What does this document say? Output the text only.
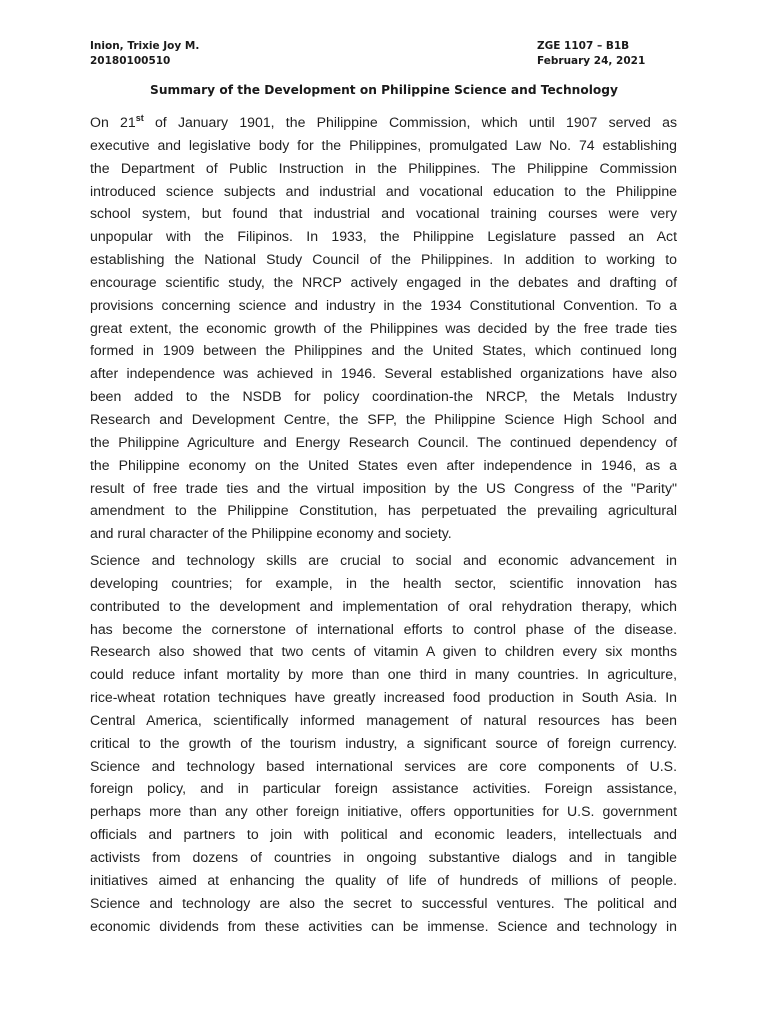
Inion, Trixie Joy M.
20180100510
ZGE 1107 – B1B
February 24, 2021
Summary of the Development on Philippine Science and Technology
On 21st of January 1901, the Philippine Commission, which until 1907 served as
executive and legislative body for the Philippines, promulgated Law No. 74 establishing
the Department of Public Instruction in the Philippines. The Philippine Commission
introduced science subjects and industrial and vocational education to the Philippine
school system, but found that industrial and vocational training courses were very
unpopular with the Filipinos. In 1933, the Philippine Legislature passed an Act
establishing the National Study Council of the Philippines. In addition to working to
encourage scientific study, the NRCP actively engaged in the debates and drafting of
provisions concerning science and industry in the 1934 Constitutional Convention. To a
great extent, the economic growth of the Philippines was decided by the free trade ties
formed in 1909 between the Philippines and the United States, which continued long
after independence was achieved in 1946. Several established organizations have also
been added to the NSDB for policy coordination-the NRCP, the Metals Industry
Research and Development Centre, the SFP, the Philippine Science High School and
the Philippine Agriculture and Energy Research Council. The continued dependency of
the Philippine economy on the United States even after independence in 1946, as a
result of free trade ties and the virtual imposition by the US Congress of the "Parity"
amendment to the Philippine Constitution, has perpetuated the prevailing agricultural
and rural character of the Philippine economy and society.
Science and technology skills are crucial to social and economic advancement in
developing countries; for example, in the health sector, scientific innovation has
contributed to the development and implementation of oral rehydration therapy, which
has become the cornerstone of international efforts to control phase of the disease.
Research also showed that two cents of vitamin A given to children every six months
could reduce infant mortality by more than one third in many countries. In agriculture,
rice-wheat rotation techniques have greatly increased food production in South Asia. In
Central America, scientifically informed management of natural resources has been
critical to the growth of the tourism industry, a significant source of foreign currency.
Science and technology based international services are core components of U.S.
foreign policy, and in particular foreign assistance activities. Foreign assistance,
perhaps more than any other foreign initiative, offers opportunities for U.S. government
officials and partners to join with political and economic leaders, intellectuals and
activists from dozens of countries in ongoing substantive dialogs and in tangible
initiatives aimed at enhancing the quality of life of hundreds of millions of people.
Science and technology are also the secret to successful ventures. The political and
economic dividends from these activities can be immense. Science and technology in
